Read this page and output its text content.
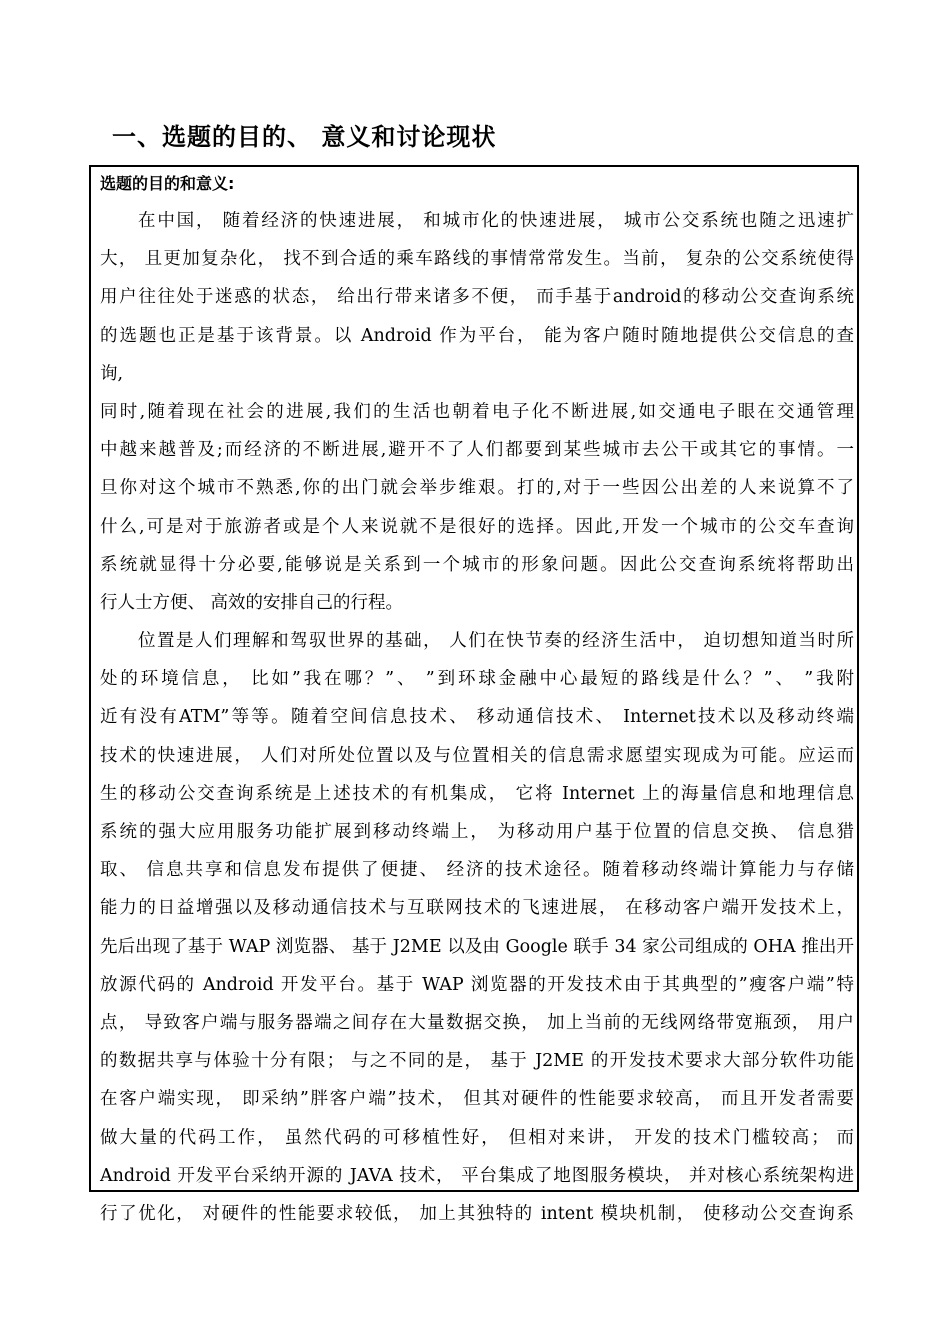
一、选题的目的、 意义和讨论现状

选题的目的和意义:

在中国， 随着经济的快速进展， 和城市化的快速进展， 城市公交系统也随之迅速扩
大， 且更加复杂化， 找不到合适的乘车路线的事情常常发生。当前， 复杂的公交系统使得
用户往往处于迷惑的状态， 给出行带来诸多不便， 而手基于android的移动公交查询系统
的选题也正是基于该背景。以 Android 作为平台， 能为客户随时随地提供公交信息的查
询,
同时,随着现在社会的进展,我们的生活也朝着电子化不断进展,如交通电子眼在交通管理
中越来越普及;而经济的不断进展,避开不了人们都要到某些城市去公干或其它的事情。一
旦你对这个城市不熟悉,你的出门就会举步维艰。打的,对于一些因公出差的人来说算不了
什么,可是对于旅游者或是个人来说就不是很好的选择。因此,开发一个城市的公交车查询
系统就显得十分必要,能够说是关系到一个城市的形象问题。因此公交查询系统将帮助出
行人士方便、 高效的安排自己的行程。
位置是人们理解和驾驭世界的基础， 人们在快节奏的经济生活中， 迫切想知道当时所
处的环境信息， 比如”我在哪？”、 ”到环球金融中心最短的路线是什么？”、 ”我附
近有没有ATM”等等。随着空间信息技术、 移动通信技术、 Internet技术以及移动终端
技术的快速进展， 人们对所处位置以及与位置相关的信息需求愿望实现成为可能。应运而
生的移动公交查询系统是上述技术的有机集成， 它将 Internet 上的海量信息和地理信息
系统的强大应用服务功能扩展到移动终端上， 为移动用户基于位置的信息交换、 信息猎
取、 信息共享和信息发布提供了便捷、 经济的技术途径。随着移动终端计算能力与存储
能力的日益增强以及移动通信技术与互联网技术的飞速进展， 在移动客户端开发技术上，
先后出现了基于 WAP 浏览器、 基于 J2ME 以及由 Google 联手 34 家公司组成的 OHA 推出开
放源代码的 Android 开发平台。基于 WAP 浏览器的开发技术由于其典型的”瘦客户端”特
点， 导致客户端与服务器端之间存在大量数据交换， 加上当前的无线网络带宽瓶颈， 用户
的数据共享与体验十分有限； 与之不同的是， 基于 J2ME 的开发技术要求大部分软件功能
在客户端实现， 即采纳”胖客户端”技术， 但其对硬件的性能要求较高， 而且开发者需要
做大量的代码工作， 虽然代码的可移植性好， 但相对来讲， 开发的技术门槛较高； 而
Android 开发平台采纳开源的 JAVA 技术， 平台集成了地图服务模块， 并对核心系统架构进
行了优化， 对硬件的性能要求较低， 加上其独特的 intent 模块机制， 使移动公交查询系
